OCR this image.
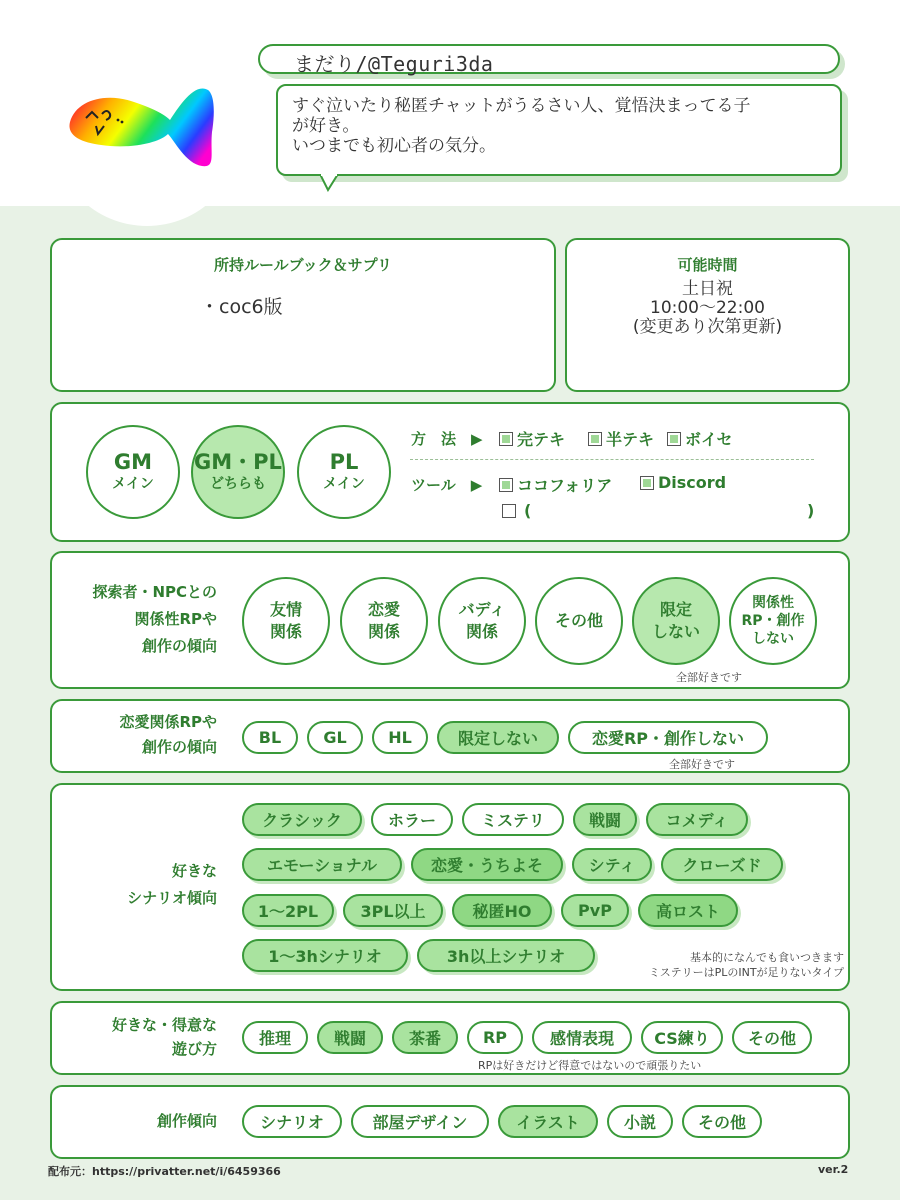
まだり/@Teguri3da

すぐ泣いたり秘匿チャットがうるさい人、覚悟決まってる子
が好き。
いつまでも初心者の気分。

所持ルールブック＆サプリ
・coc6版
可能時間
土日祝
10:00〜22:00
(変更あり次第更新)
GM
メイン
GM・PL
どちらも
PL
メイン
方　法　▶ 完テキ	半テキ ボイセ
ツール　▶ ココフォリア	Discord
(	)
探索者・NPCとの
関係性RPや
創作の傾向
友情
関係
恋愛
関係
バディ
関係
その他
限定
しない
関係性
RP・創作
しない
全部好きです
恋愛関係RPや
創作の傾向	BL	GL	HL	限定しない	恋愛RP・創作しない
全部好きです
好きな
シナリオ傾向
クラシック	ホラー	ミステリ	戦闘	コメディ
エモーショナル	恋愛・うちよそ	シティ	クローズド
1〜2PL	3PL以上	秘匿HO	PvP	高ロスト
1〜3hシナリオ	3h以上シナリオ	基本的になんでも食いつきます
ミステリーはPLのINTが足りないタイプ
好きな・得意な
遊び方
推理	戦闘	茶番	RP	感情表現	CS練り	その他
RPは好きだけど得意ではないので頑張りたい
創作傾向	シナリオ	部屋デザイン	イラスト	小説	その他
配布元：https://privatter.net/i/6459366	ver.2
